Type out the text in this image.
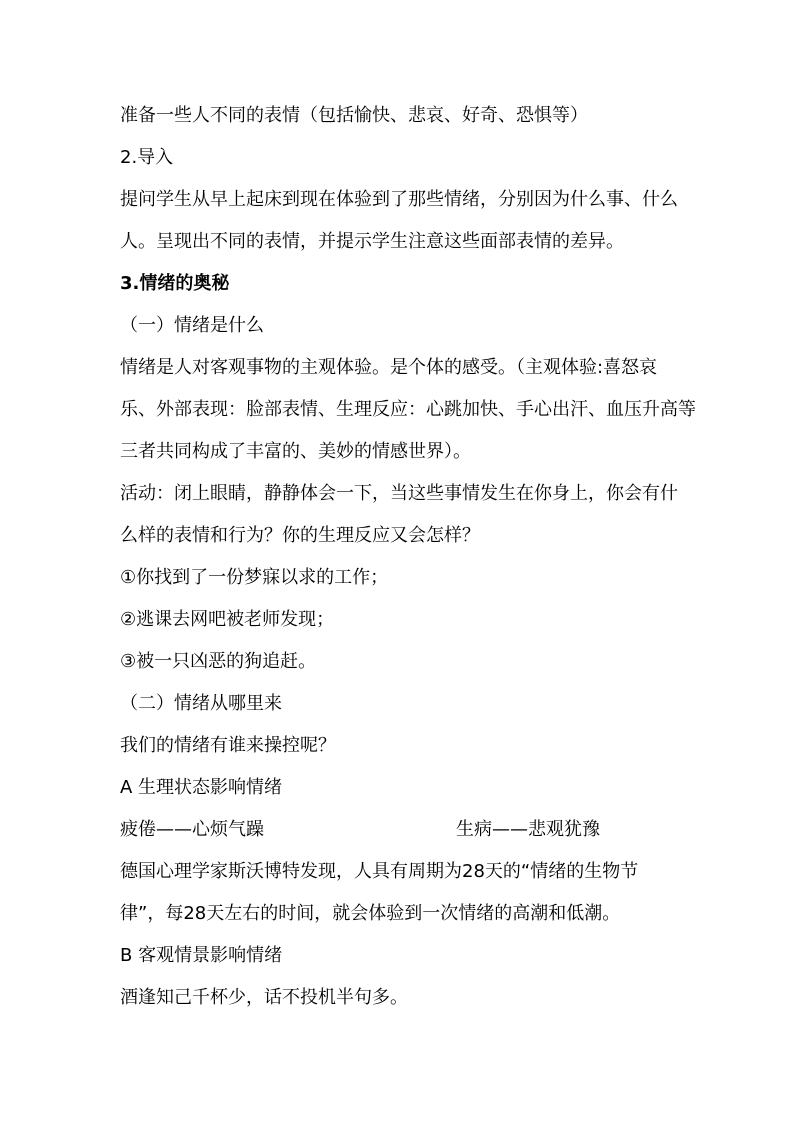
准备一些人不同的表情（包括愉快、悲哀、好奇、恐惧等）

2.导入

提问学生从早上起床到现在体验到了那些情绪，分别因为什么事、什么

人。呈现出不同的表情，并提示学生注意这些面部表情的差异。

3.情绪的奥秘

（一）情绪是什么

情绪是人对客观事物的主观体验。是个体的感受。（主观体验:喜怒哀

乐、外部表现：脸部表情、生理反应：心跳加快、手心出汗、血压升高等

三者共同构成了丰富的、美妙的情感世界）。

活动：闭上眼睛，静静体会一下，当这些事情发生在你身上，你会有什

么样的表情和行为？你的生理反应又会怎样？

①你找到了一份梦寐以求的工作；

②逃课去网吧被老师发现；

③被一只凶恶的狗追赶。

（二）情绪从哪里来

我们的情绪有谁来操控呢？

A 生理状态影响情绪

疲倦——心烦气躁	生病——悲观犹豫

德国心理学家斯沃博特发现，人具有周期为28天的“情绪的生物节

律”，每28天左右的时间，就会体验到一次情绪的高潮和低潮。

B 客观情景影响情绪

酒逢知己千杯少，话不投机半句多。
